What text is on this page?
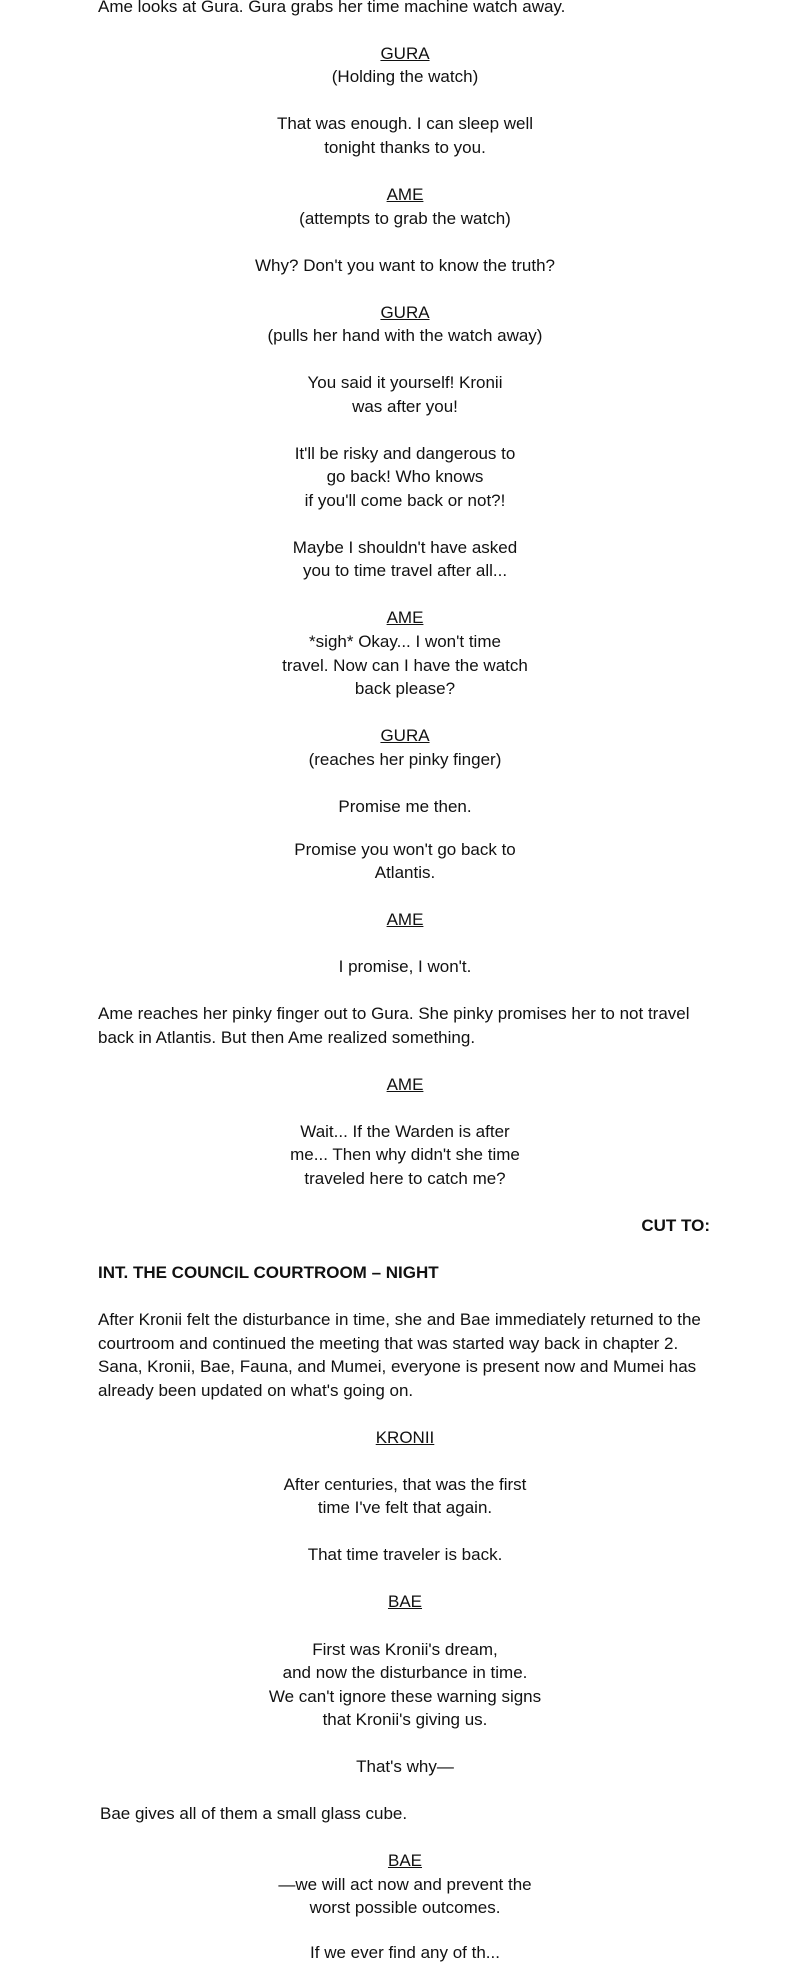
Ame looks at Gura. Gura grabs her time machine watch away.
GURA
(Holding the watch)
That was enough. I can sleep well
tonight thanks to you.
AME
(attempts to grab the watch)
Why? Don't you want to know the truth?
GURA
(pulls her hand with the watch away)
You said it yourself! Kronii
was after you!
It'll be risky and dangerous to
go back! Who knows
if you'll come back or not?!
Maybe I shouldn't have asked
you to time travel after all...
AME
*sigh* Okay... I won't time
travel. Now can I have the watch
back please?
GURA
(reaches her pinky finger)
Promise me then.
Promise you won't go back to
Atlantis.
AME
I promise, I won't.
Ame reaches her pinky finger out to Gura. She pinky promises her to not travel
back in Atlantis. But then Ame realized something.
AME
Wait... If the Warden is after
me... Then why didn't she time
traveled here to catch me?
CUT TO:
INT. THE COUNCIL COURTROOM – NIGHT
After Kronii felt the disturbance in time, she and Bae immediately returned to the
courtroom and continued the meeting that was started way back in chapter 2.
Sana, Kronii, Bae, Fauna, and Mumei, everyone is present now and Mumei has
already been updated on what's going on.
KRONII
After centuries, that was the first
time I've felt that again.
That time traveler is back.
BAE
First was Kronii's dream,
and now the disturbance in time.
We can't ignore these warning signs
that Kronii's giving us.
That's why—
Bae gives all of them a small glass cube.
BAE
—we will act now and prevent the
worst possible outcomes.
If we ever find any of th...
